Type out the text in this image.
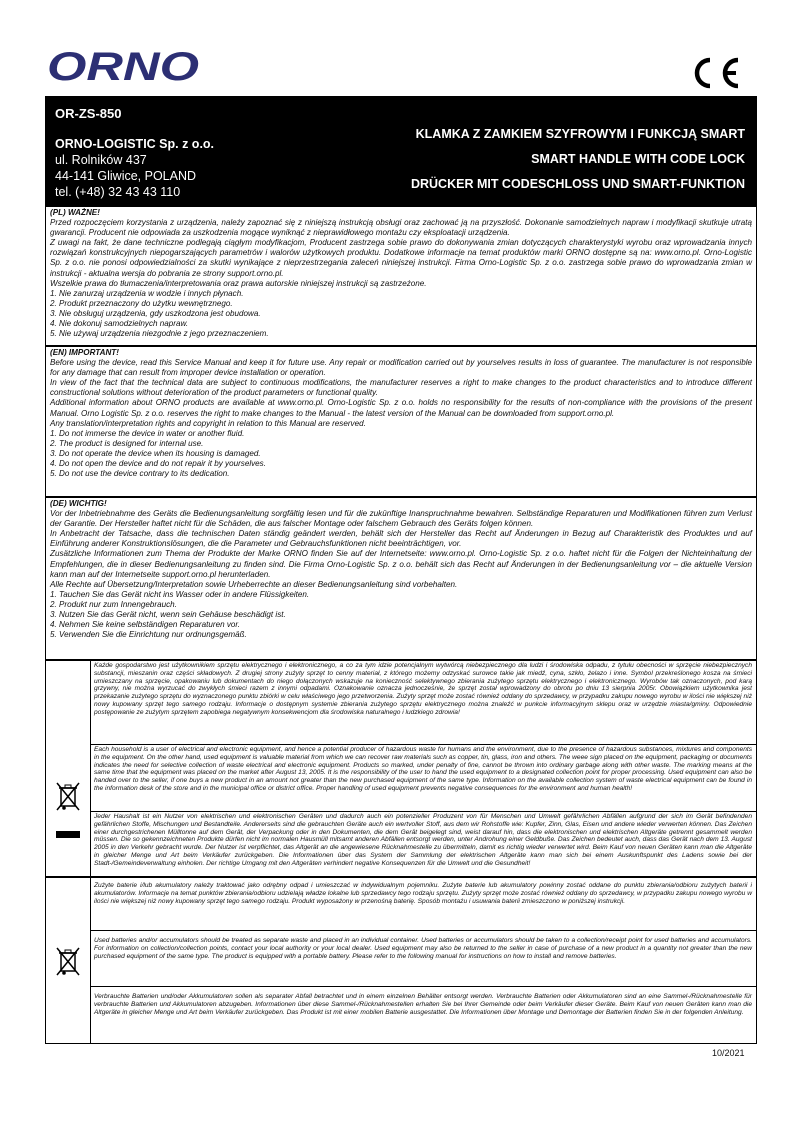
ORNO
OR-ZS-850
ORNO-LOGISTIC Sp. z o.o.
ul. Rolników 437
44-141 Gliwice, POLAND
tel. (+48) 32 43 43 110
KLAMKA Z ZAMKIEM SZYFROWYM I FUNKCJĄ SMART
SMART HANDLE WITH CODE LOCK
DRÜCKER MIT CODESCHLOSS UND SMART-FUNKTION
(PL) WAŻNE!

Przed rozpoczęciem korzystania z urządzenia, należy zapoznać się z niniejszą instrukcją obsługi oraz zachować ją na przyszłość. Dokonanie samodzielnych napraw i modyfikacji skutkuje utratą gwarancji. Producent nie odpowiada za uszkodzenia mogące wyniknąć z nieprawidłowego montażu czy eksploatacji urządzenia.

Z uwagi na fakt, że dane techniczne podlegają ciągłym modyfikacjom, Producent zastrzega sobie prawo do dokonywania zmian dotyczących charakterystyki wyrobu oraz wprowadzania innych rozwiązań konstrukcyjnych niepogarszających parametrów i walorów użytkowych produktu. Dodatkowe informacje na temat produktów marki ORNO dostępne są na: www.orno.pl. Orno-Logistic Sp. z o.o. nie ponosi odpowiedzialności za skutki wynikające z nieprzestrzegania zaleceń niniejszej instrukcji. Firma Orno-Logistic Sp. z o.o. zastrzega sobie prawo do wprowadzania zmian w instrukcji - aktualna wersja do pobrania ze strony support.orno.pl.

Wszelkie prawa do tłumaczenia/interpretowania oraz prawa autorskie niniejszej instrukcji są zastrzeżone.

1. Nie zanurzaj urządzenia w wodzie i innych płynach.
2. Produkt przeznaczony do użytku wewnętrznego.
3. Nie obsługuj urządzenia, gdy uszkodzona jest obudowa.
4. Nie dokonuj samodzielnych napraw.
5. Nie używaj urządzenia niezgodnie z jego przeznaczeniem.
(EN) IMPORTANT!

Before using the device, read this Service Manual and keep it for future use. Any repair or modification carried out by yourselves results in loss of guarantee. The manufacturer is not responsible for any damage that can result from improper device installation or operation.

In view of the fact that the technical data are subject to continuous modifications, the manufacturer reserves a right to make changes to the product characteristics and to introduce different constructional solutions without deterioration of the product parameters or functional quality.

Additional information about ORNO products are available at www.orno.pl. Orno-Logistic Sp. z o.o. holds no responsibility for the results of non-compliance with the provisions of the present Manual. Orno Logistic Sp. z o.o. reserves the right to make changes to the Manual - the latest version of the Manual can be downloaded from support.orno.pl.

Any translation/interpretation rights and copyright in relation to this Manual are reserved.

1. Do not immerse the device in water or another fluid.
2. The product is designed for internal use.
3. Do not operate the device when its housing is damaged.
4. Do not open the device and do not repair it by yourselves.
5. Do not use the device contrary to its dedication.
(DE) WICHTIG!

Vor der Inbetriebnahme des Geräts die Bedienungsanleitung sorgfältig lesen und für die zukünftige Inanspruchnahme bewahren. Selbständige Reparaturen und Modifikationen führen zum Verlust der Garantie. Der Hersteller haftet nicht für die Schäden, die aus falscher Montage oder falschem Gebrauch des Geräts folgen können.

In Anbetracht der Tatsache, dass die technischen Daten ständig geändert werden, behält sich der Hersteller das Recht auf Änderungen in Bezug auf Charakteristik des Produktes und auf Einführung anderer Konstruktionslösungen, die die Parameter und Gebrauchsfunktionen nicht beeinträchtigen, vor.

Zusätzliche Informationen zum Thema der Produkte der Marke ORNO finden Sie auf der Internetseite: www.orno.pl. Orno-Logistic Sp. z o.o. haftet nicht für die Folgen der Nichteinhaltung der Empfehlungen, die in dieser Bedienungsanleitung zu finden sind. Die Firma Orno-Logistic Sp. z o.o. behält sich das Recht auf Änderungen in der Bedienungsanleitung vor – die aktuelle Version kann man auf der Internetseite support.orno.pl herunterladen.

Alle Rechte auf Übersetzung/Interpretation sowie Urheberrechte an dieser Bedienungsanleitung sind vorbehalten.

1. Tauchen Sie das Gerät nicht ins Wasser oder in andere Flüssigkeiten.
2. Produkt nur zum Innengebrauch.
3. Nutzen Sie das Gerät nicht, wenn sein Gehäuse beschädigt ist.
4. Nehmen Sie keine selbständigen Reparaturen vor.
5. Verwenden Sie die Einrichtung nur ordnungsgemäß.
Każde gospodarstwo jest użytkownikiem sprzętu elektrycznego i elektronicznego, a co za tym idzie potencjalnym wytwórcą niebezpiecznego dla ludzi i środowiska odpadu, z tytułu obecności w sprzęcie niebezpiecznych substancji, mieszanin oraz części składowych. Z drugiej strony zużyty sprzęt to cenny materiał, z którego możemy odzyskać surowce takie jak miedź, cyna, szkło, żelazo i inne. Symbol przekreślonego kosza na śmieci umieszczany na sprzęcie, opakowaniu lub dokumentach do niego dołączonych wskazuje na konieczność selektywnego zbierania zużytego sprzętu elektrycznego i elektronicznego. Wyrobów tak oznaczonych, pod karą grzywny, nie można wyrzucać do zwykłych śmieci razem z innymi odpadami. Oznakowanie oznacza jednocześnie, że sprzęt został wprowadzony do obrotu po dniu 13 sierpnia 2005r. Obowiązkiem użytkownika jest przekazanie zużytego sprzętu do wyznaczonego punktu zbiórki w celu właściwego jego przetworzenia. Zużyty sprzęt może zostać również oddany do sprzedawcy, w przypadku zakupu nowego wyrobu w ilości nie większej niż nowy kupowany sprzęt tego samego rodzaju. Informacje o dostępnym systemie zbierania zużytego sprzętu elektrycznego można znaleźć w punkcie informacyjnym sklepu oraz w urzędzie miasta/gminy. Odpowiednie postępowanie ze zużytym sprzętem zapobiega negatywnym konsekwencjom dla środowiska naturalnego i ludzkiego zdrowia!
Each household is a user of electrical and electronic equipment, and hence a potential producer of hazardous waste for humans and the environment, due to the presence of hazardous substances, mixtures and components in the equipment. On the other hand, used equipment is valuable material from which we can recover raw materials such as copper, tin, glass, iron and others. The weee sign placed on the equipment, packaging or documents indicates the need for selective collection of waste electrical and electronic equipment. Products so marked, under penalty of fine, cannot be thrown into ordinary garbage along with other waste. The marking means at the same time that the equipment was placed on the market after August 13, 2005. It is the responsibility of the user to hand the used equipment to a designated collection point for proper processing. Used equipment can also be handed over to the seller, if one buys a new product in an amount not greater than the new purchased equipment of the same type. Information on the available collection system of waste electrical equipment can be found in the information desk of the store and in the municipal office or district office. Proper handling of used equipment prevents negative consequences for the environment and human health!
Jeder Haushalt ist ein Nutzer von elektrischen und elektronischen Geräten und dadurch auch ein potenzieller Produzent von für Menschen und Umwelt gefährlichen Abfällen aufgrund der sich im Gerät befindenden gefährlichen Stoffe, Mischungen und Bestandteile. Andererseits sind die gebrauchten Geräte auch ein wertvoller Stoff, aus dem wir Rohstoffe wie: Kupfer, Zinn, Glas, Eisen und andere wieder verwerten können. Das Zeichen einer durchgestrichenen Mülltonne auf dem Gerät, der Verpackung oder in den Dokumenten, die dem Gerät beigelegt sind, weist darauf hin, dass die elektronischen und elektrischen Altgeräte getrennt gesammelt werden müssen. Die so gekennzeichneten Produkte dürfen nicht im normalen Hausmüll mitsamt anderen Abfällen entsorgt werden, unter Androhung einer Geldbuße. Das Zeichen bedeutet auch, dass das Gerät nach dem 13. August 2005 in den Verkehr gebracht wurde. Der Nutzer ist verpflichtet, das Altgerät an die angewiesene Rücknahmestelle zu übermitteln, damit es richtig wieder verwertet wird. Beim Kauf von neuen Geräten kann man die Altgeräte in gleicher Menge und Art beim Verkäufer zurückgeben. Die Informationen über das System der Sammlung der elektrischen Altgeräte kann man sich bei einem Auskunftspunkt des Ladens sowie bei der Stadt-/Gemeindeverwaltung einholen. Der richtige Umgang mit den Altgeräten verhindert negative Konsequenzen für die Umwelt und die Gesundheit!
Zużyte baterie i/lub akumulatory należy traktować jako odrębny odpad i umieszczać w indywidualnym pojemniku. Zużyte baterie lub akumulatory powinny zostać oddane do punktu zbierania/odbioru zużytych baterii i akumulatorów. Informacje na temat punktów zbierania/odbioru udzielają władze lokalne lub sprzedawcy tego rodzaju sprzętu. Zużyty sprzęt może zostać również oddany do sprzedawcy, w przypadku zakupu nowego wyrobu w ilości nie większej niż nowy kupowany sprzęt tego samego rodzaju. Produkt wyposażony w przenośną baterię. Sposób montażu i usuwania baterii zmieszczono w poniższej instrukcji.
Used batteries and/or accumulators should be treated as separate waste and placed in an individual container. Used batteries or accumulators should be taken to a collection/receipt point for used batteries and accumulators. For information on collection/collection points, contact your local authority or your local dealer. Used equipment may also be returned to the seller in case of purchase of a new product in a quantity not greater than the new purchased equipment of the same type. The product is equipped with a portable battery. Please refer to the following manual for instructions on how to install and remove batteries.
Verbrauchte Batterien und/oder Akkumulatoren sollen als separater Abfall betrachtet und in einem einzelnen Behälter entsorgt werden. Verbrauchte Batterien oder Akkumulatoren sind an eine Sammel-/Rücknahmestelle für verbrauchte Batterien und Akkumulatoren abzugeben. Informationen über diese Sammel-/Rücknahmestellen erhalten Sie bei Ihrer Gemeinde oder beim Verkäufer dieser Geräte. Beim Kauf von neuen Geräten kann man die Altgeräte in gleicher Menge und Art beim Verkäufer zurückgeben. Das Produkt ist mit einer mobilen Batterie ausgestattet. Die Informationen über Montage und Demontage der Batterien finden Sie in der folgenden Anleitung.
10/2021
